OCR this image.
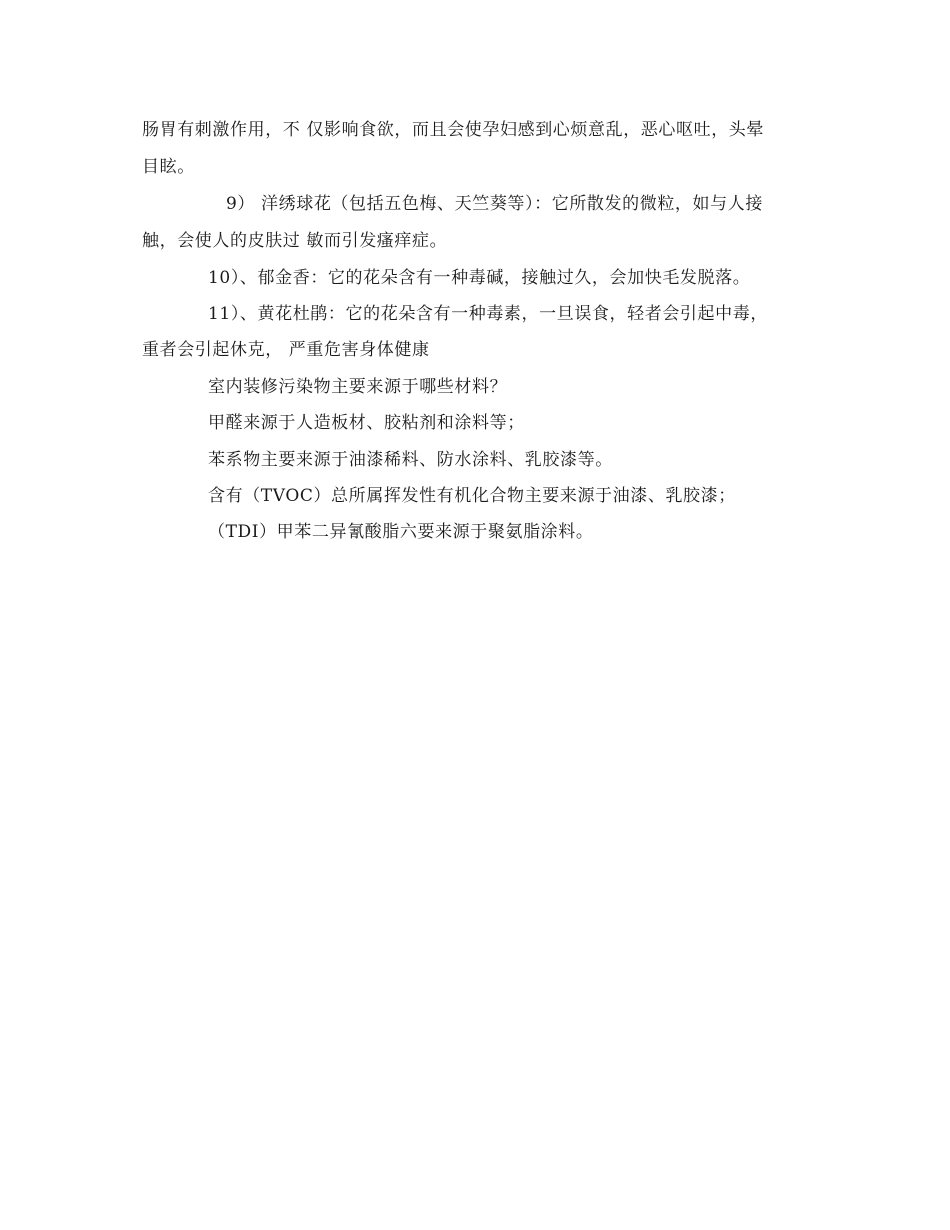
肠胃有刺激作用，不 仅影响食欲，而且会使孕妇感到心烦意乱，恶心呕吐，头晕
目眩。
9） 洋绣球花（包括五色梅、天竺葵等）：它所散发的微粒，如与人接
触，会使人的皮肤过 敏而引发瘙痒症。
10）、郁金香：它的花朵含有一种毒碱，接触过久，会加快毛发脱落。
11）、黄花杜鹃：它的花朵含有一种毒素，一旦误食，轻者会引起中毒，
重者会引起休克， 严重危害身体健康
室内装修污染物主要来源于哪些材料？
甲醛来源于人造板材、胶粘剂和涂料等；
苯系物主要来源于油漆稀料、防水涂料、乳胶漆等。
含有（TVOC）总所属挥发性有机化合物主要来源于油漆、乳胶漆；
（TDI）甲苯二异氰酸脂六要来源于聚氨脂涂料。
